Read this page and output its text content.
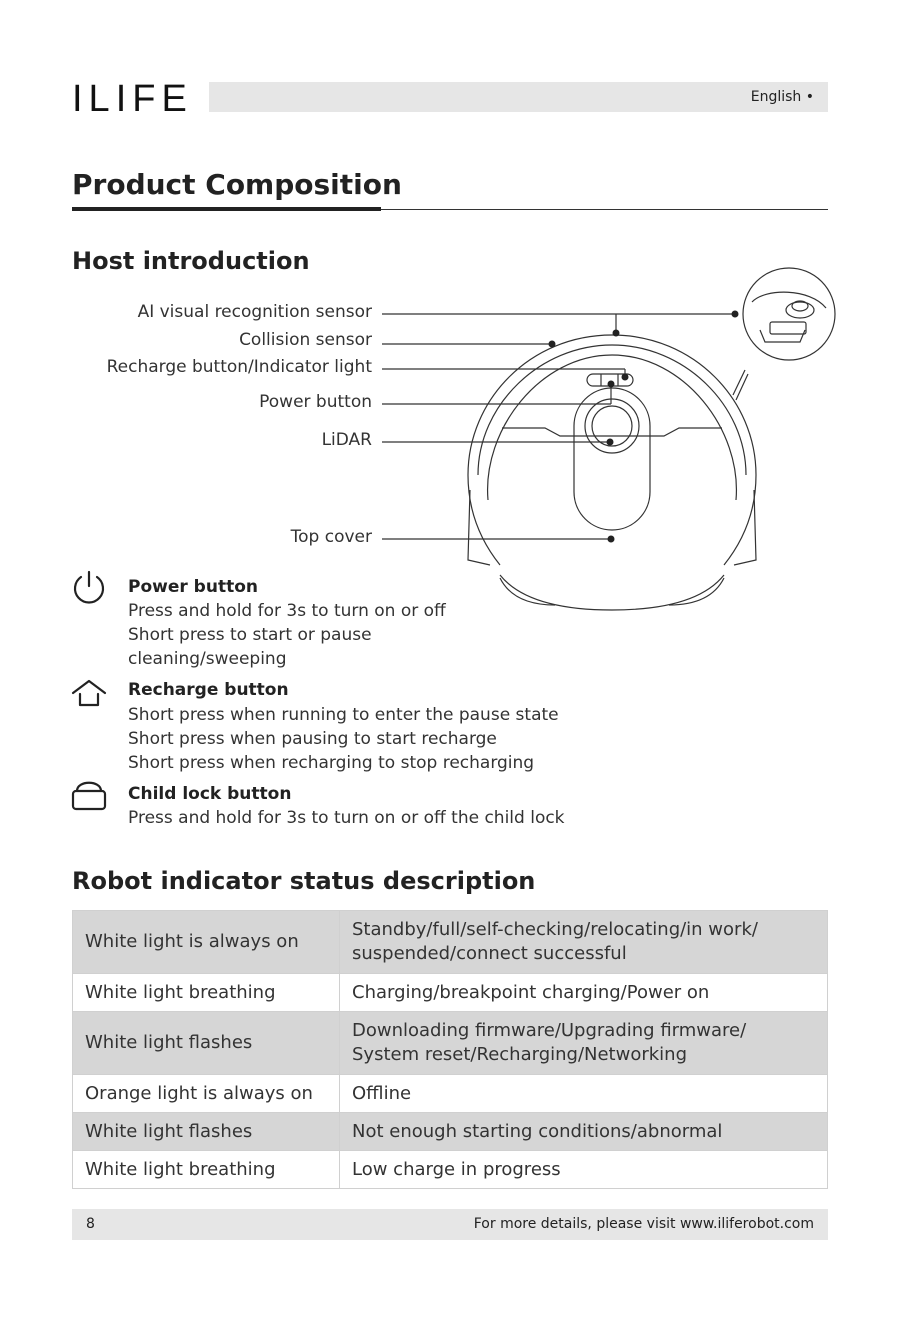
ILIFE	English •
Product Composition
Host introduction
AI visual recognition sensor
Collision sensor
Recharge button/Indicator light
Power button
LiDAR
Top cover
Power button
Press and hold for 3s to turn on or off
Short press to start or pause
cleaning/sweeping
Recharge button
Short press when running to enter the pause state
Short press when pausing to start recharge
Short press when recharging to stop recharging
Child lock button
Press and hold for 3s to turn on or off the child lock
Robot indicator status description
White light is always on	Standby/full/self-checking/relocating/in work/
suspended/connect successful

White light breathing	Charging/breakpoint charging/Power on
White light flashes	Downloading firmware/Upgrading firmware/
System reset/Recharging/Networking

Orange light is always on	Offline
White light flashes	Not enough starting conditions/abnormal
White light breathing	Low charge in progress
8	For more details, please visit www.iliferobot.com
